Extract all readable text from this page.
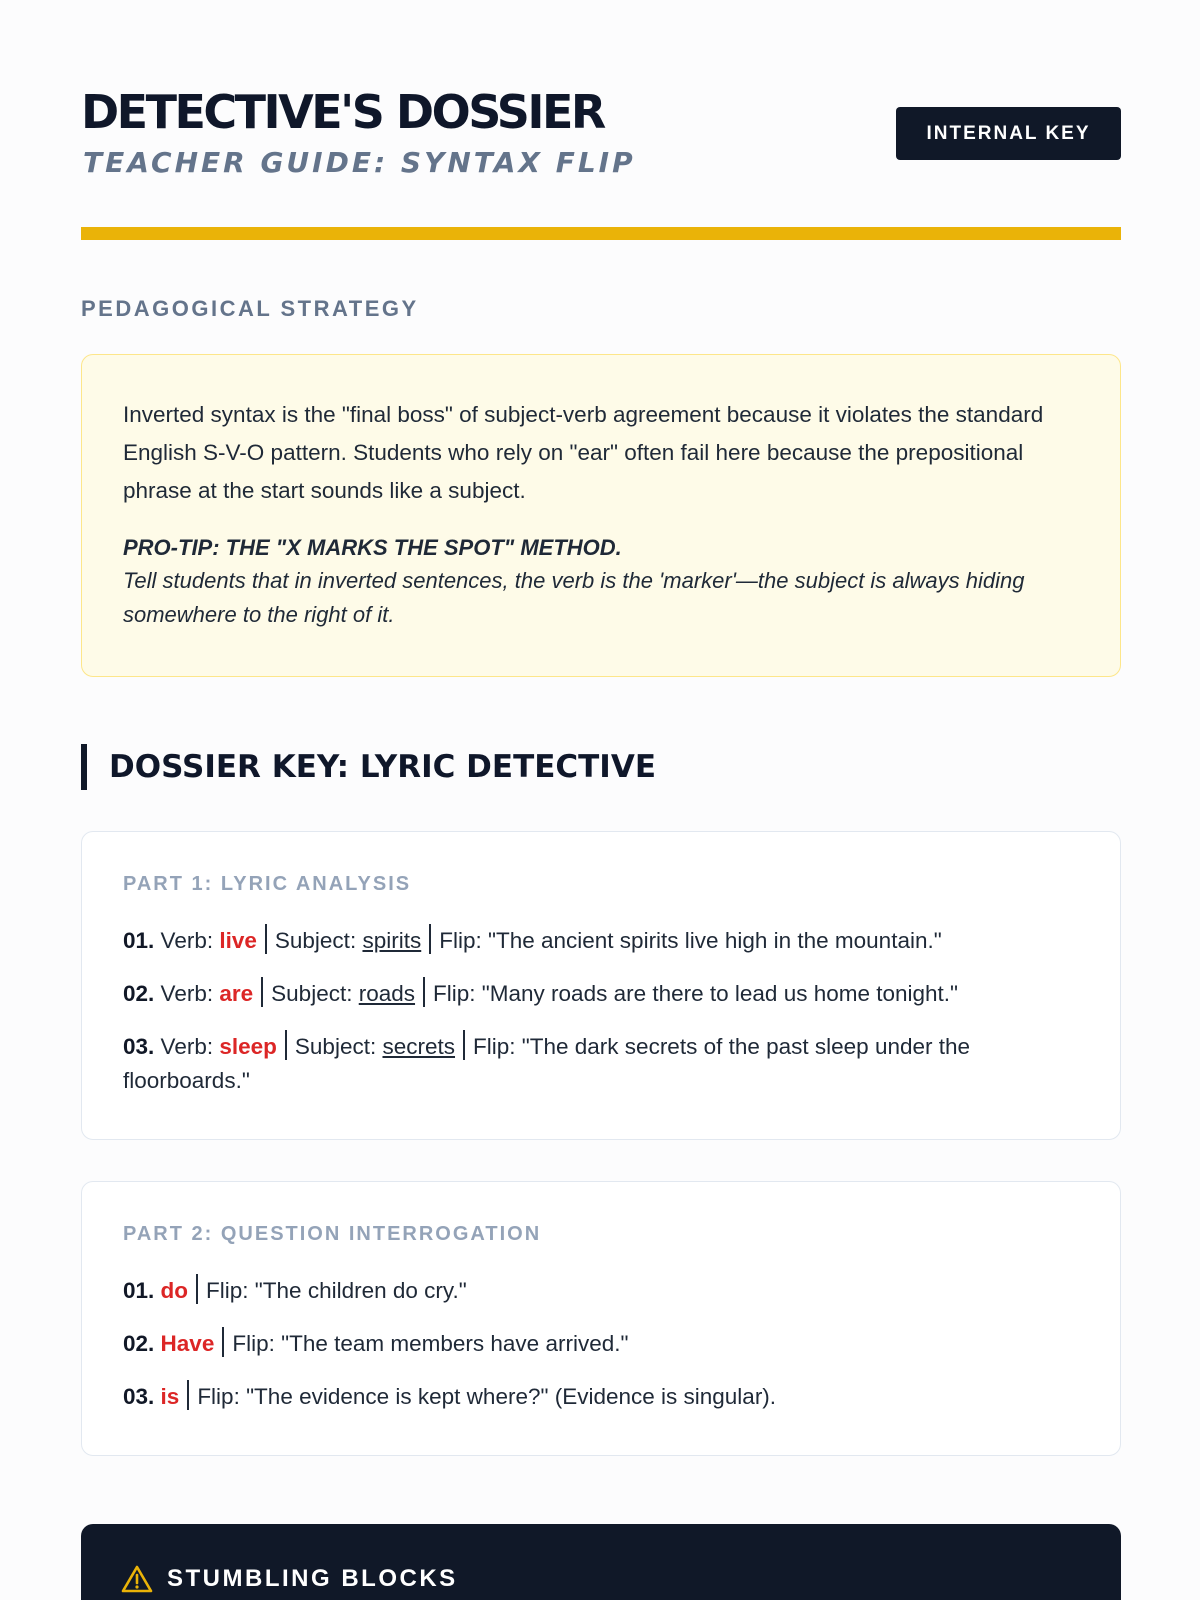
DETECTIVE'S DOSSIER
TEACHER GUIDE: SYNTAX FLIP
INTERNAL KEY
PEDAGOGICAL STRATEGY

Inverted syntax is the "final boss" of subject-verb agreement because it violates the standard English S-V-O pattern. Students who rely on "ear" often fail here because the prepositional phrase at the start sounds like a subject.

PRO-TIP: THE "X MARKS THE SPOT" METHOD.
Tell students that in inverted sentences, the verb is the 'marker'—the subject is always hiding somewhere to the right of it.
DOSSIER KEY: LYRIC DETECTIVE
PART 1: LYRIC ANALYSIS
01. Verb: live Subject: spirits Flip: "The ancient spirits live high in the mountain."
02. Verb: are Subject: roads Flip: "Many roads are there to lead us home tonight."
03. Verb: sleep Subject: secrets Flip: "The dark secrets of the past sleep under the floorboards."
PART 2: QUESTION INTERROGATION
01. do Flip: "The children do cry."
02. Have Flip: "The team members have arrived."
03. is Flip: "The evidence is kept where?" (Evidence is singular).
STUMBLING BLOCKS
